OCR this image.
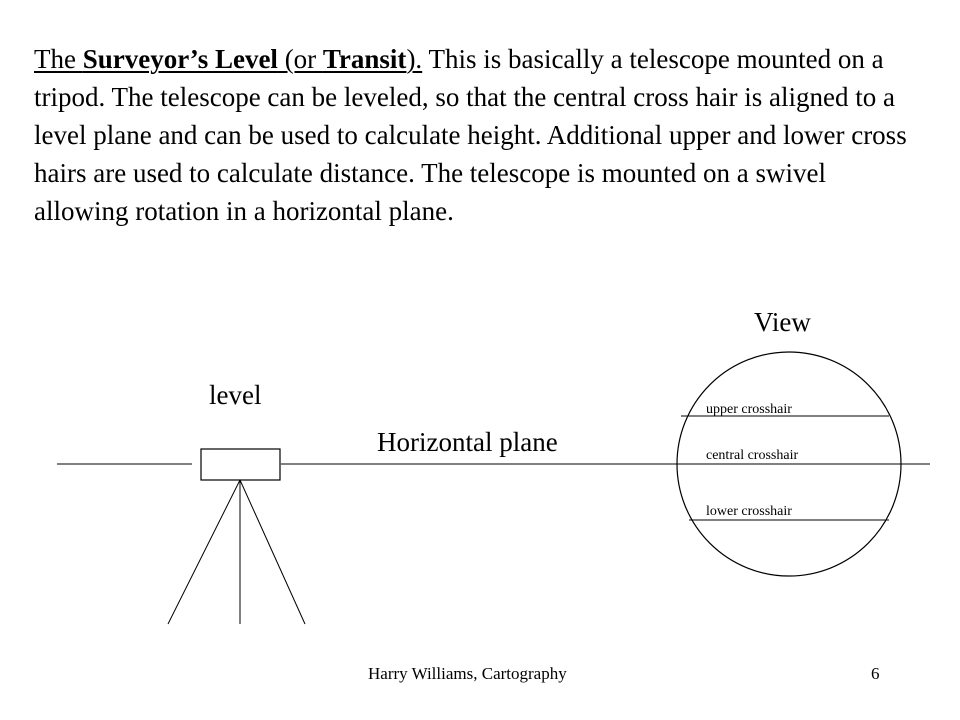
The Surveyor’s Level (or Transit). This is basically a telescope mounted on a tripod. The telescope can be leveled, so that the central cross hair is aligned to a level plane and can be used to calculate height. Additional upper and lower cross hairs are used to calculate distance. The telescope is mounted on a swivel allowing rotation in a horizontal plane.

level
Horizontal plane
View
upper crosshair
central crosshair
lower crosshair
Harry Williams, Cartography	6
